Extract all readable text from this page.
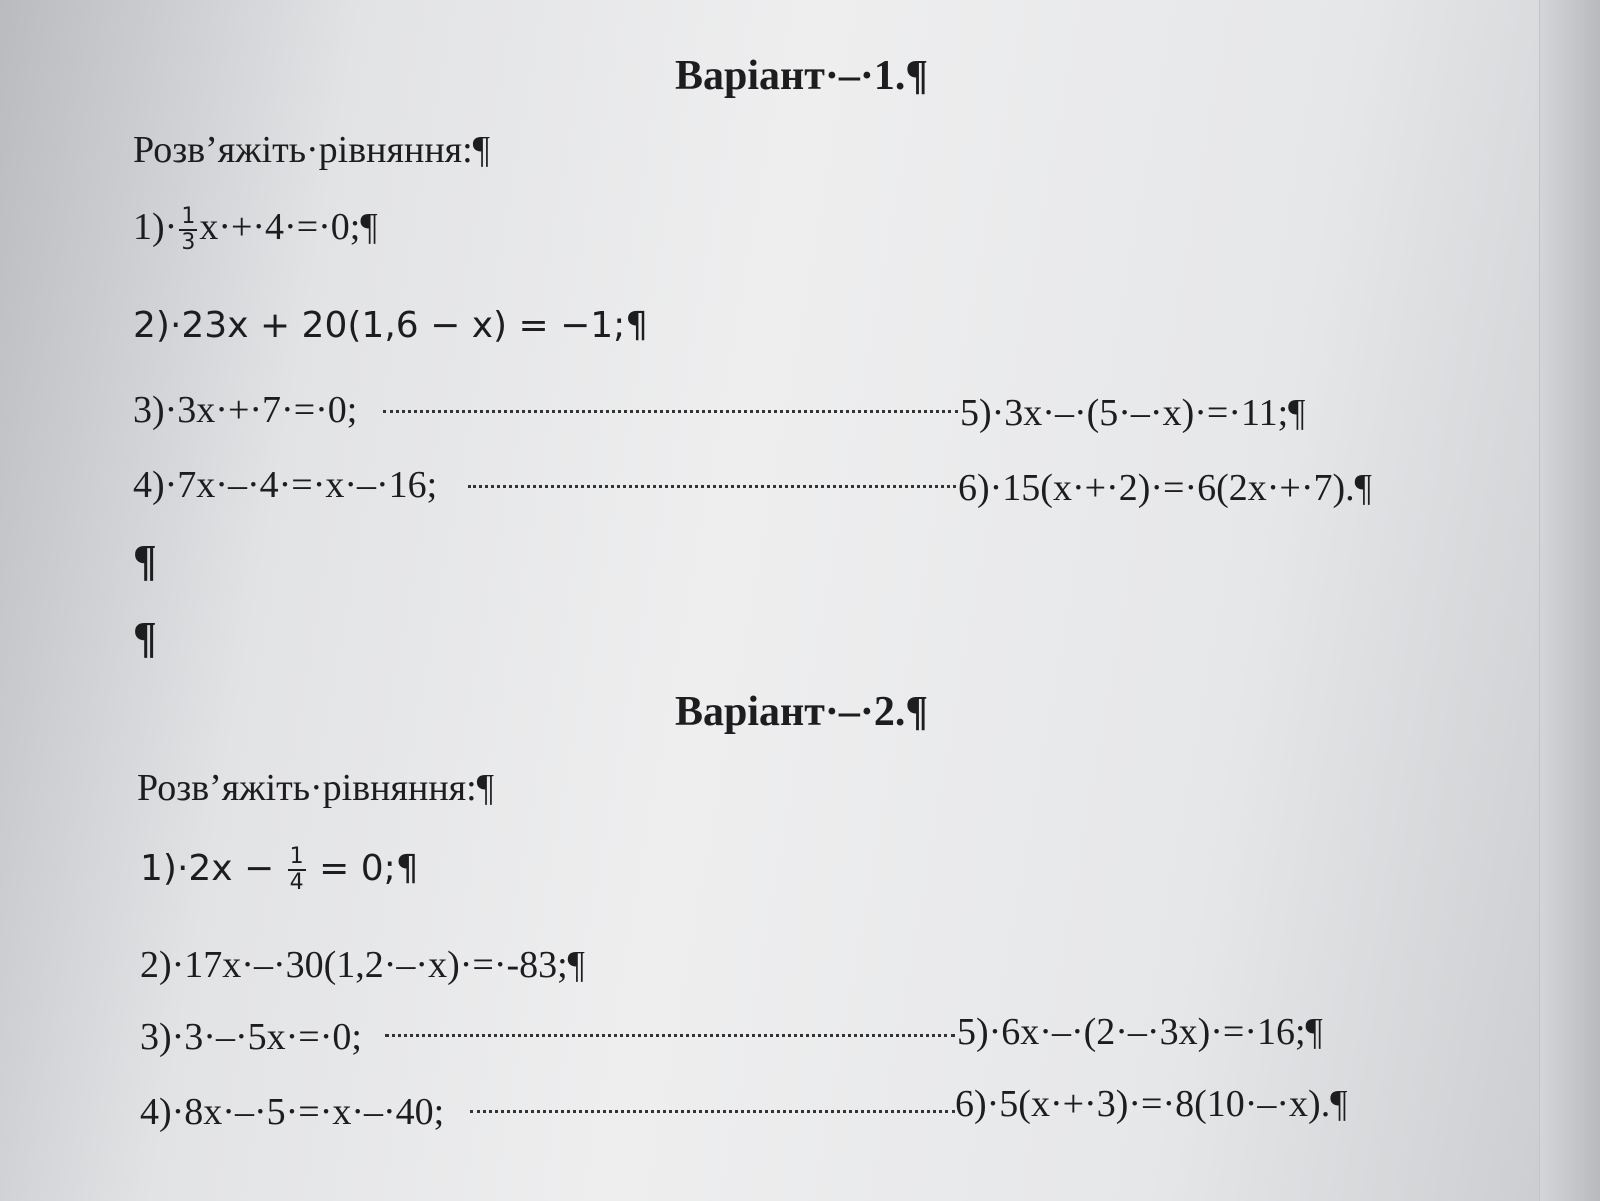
Варіант·–·1.¶
Розв’яжіть·рівняння:¶
$1)\cdot \frac{1}{3}$ x·+·4·=·0;¶
2)·23x + 20(1,6 − x) = −1;¶
3)·3x·+·7·=·0;	5)·3x·–·(5·–·x)·=·11;¶
4)·7x·–·4·=·x·–·16;	6)·15(x·+·2)·=·6(2x·+·7).¶
¶
¶
Варіант·–·2.¶
Розв’яжіть·рівняння:¶
$1)\cdot 2x - \frac{1}{4}$ = 0;¶
2)·17x·–·30(1,2·–·x)·=·-83;¶
3)·3·–·5x·=·0;	5)·6x·–·(2·–·3x)·=·16;¶
4)·8x·–·5·=·x·–·40;	6)·5(x·+·3)·=·8(10·–·x).¶
